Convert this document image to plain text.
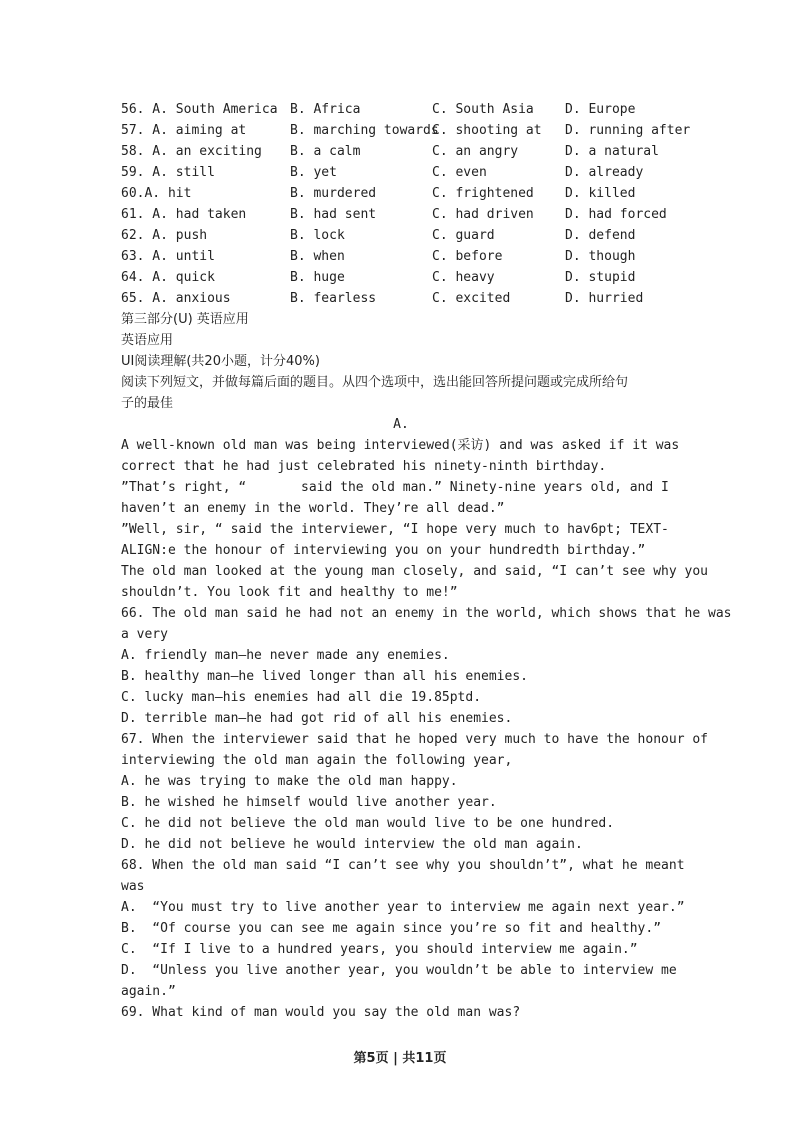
56. A. South America

B. Africa

	C. South Asia

D. Europe

57. A. aiming at

	B. marching towards

C. shooting at

D. running after

58. A. an exciting

B. a calm

	C. an angry

	D. a natural

59. A. still

	B. yet

	C. even

	D. already

60.A. hit

	B. murdered

	C. frightened

D. killed

61. A. had taken

	B. had sent

	C. had driven

D. had forced

62. A. push

	B. lock

	C. guard

	D. defend

63. A. until

	B. when

	C. before

	D. though

64. A. quick

	B. huge

	C. heavy

	D. stupid

65. A. anxious

	B. fearless

	C. excited

	D. hurried

第三部分(U) 英语应用
英语应用
UI阅读理解(共20小题，计分40%)
阅读下列短文，并做每篇后面的题目。从四个选项中，选出能回答所提问题或完成所给句
子的最佳
A.
A well-known old man was being interviewed(采访) and was asked if it was
correct that he had just celebrated his ninety-ninth birthday.
”That’s right, “       said the old man.” Ninety-nine years old, and I
haven’t an enemy in the world. They’re all dead.”
”Well, sir, “ said the interviewer, “I hope very much to hav6pt; TEXT-
ALIGN:e the honour of interviewing you on your hundredth birthday.”
The old man looked at the young man closely, and said, “I can’t see why you
shouldn’t. You look fit and healthy to me!”
66. The old man said he had not an enemy in the world, which shows that he was
a very
A. friendly man—he never made any enemies.
B. healthy man—he lived longer than all his enemies.
C. lucky man—his enemies had all die 19.85ptd.
D. terrible man—he had got rid of all his enemies.
67. When the interviewer said that he hoped very much to have the honour of
interviewing the old man again the following year,
A. he was trying to make the old man happy.
B. he wished he himself would live another year.
C. he did not believe the old man would live to be one hundred.
D. he did not believe he would interview the old man again.
68. When the old man said “I can’t see why you shouldn’t”, what he meant
was
A.  “You must try to live another year to interview me again next year.”
B.  “Of course you can see me again since you’re so fit and healthy.”
C.  “If I live to a hundred years, you should interview me again.”
D.  “Unless you live another year, you wouldn’t be able to interview me
again.”
69. What kind of man would you say the old man was?
第5页 | 共11页
